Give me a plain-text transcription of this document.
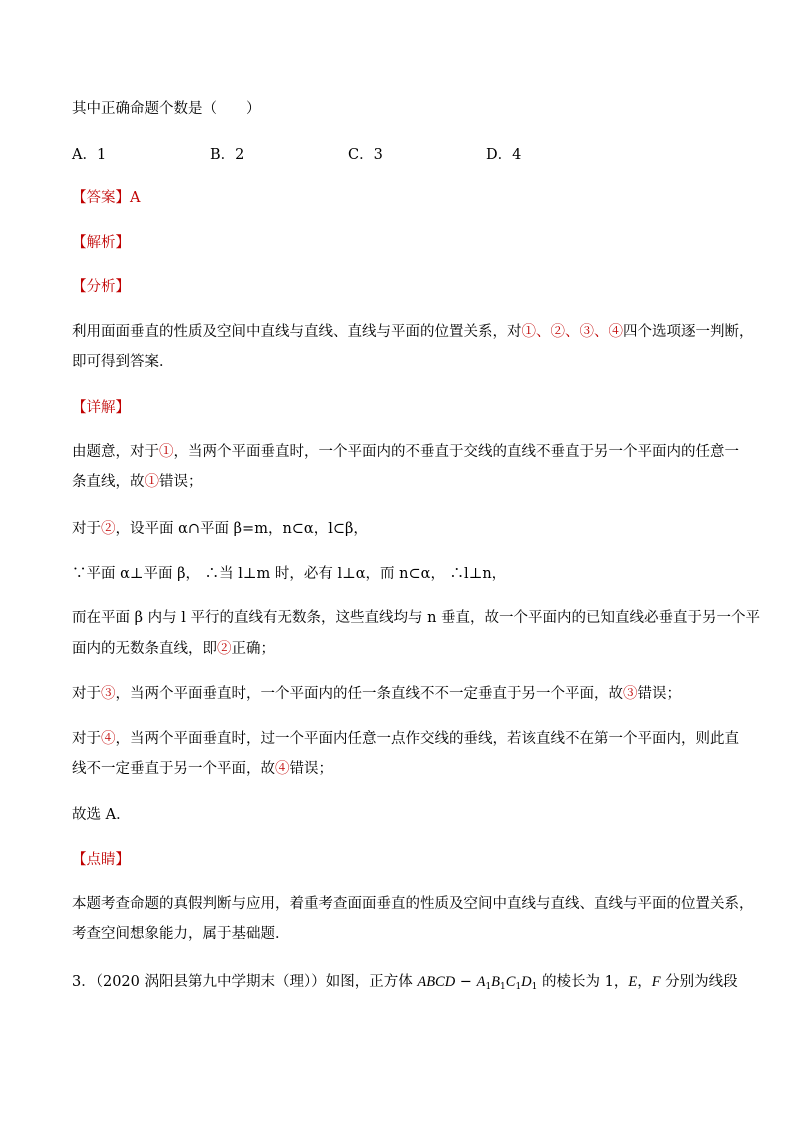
其中正确命题个数是（　　）
A．1	B．2	C．3	D．4
【答案】A
【解析】
【分析】
利用面面垂直的性质及空间中直线与直线、直线与平面的位置关系，对①、②、③、④四个选项逐一判断，
即可得到答案．
【详解】
由题意，对于①，当两个平面垂直时，一个平面内的不垂直于交线的直线不垂直于另一个平面内的任意一
条直线，故①错误；
对于②，设平面 α∩平面 β=m，n⊂α，l⊂β，
∵平面 α⊥平面 β， ∴当 l⊥m 时，必有 l⊥α，而 n⊂α， ∴l⊥n，
而在平面 β 内与 l 平行的直线有无数条，这些直线均与 n 垂直，故一个平面内的已知直线必垂直于另一个平
面内的无数条直线，即②正确；
对于③，当两个平面垂直时，一个平面内的任一条直线不不一定垂直于另一个平面，故③错误；
对于④，当两个平面垂直时，过一个平面内任意一点作交线的垂线，若该直线不在第一个平面内，则此直
线不一定垂直于另一个平面，故④错误；
故选 A．
【点睛】
本题考查命题的真假判断与应用，着重考查面面垂直的性质及空间中直线与直线、直线与平面的位置关系，
考查空间想象能力，属于基础题．
3．（2020 涡阳县第九中学期末（理））如图，正方体 ABCD − $A_1B_1C_1D_1$ 的棱长为 1，E，F 分别为线段
